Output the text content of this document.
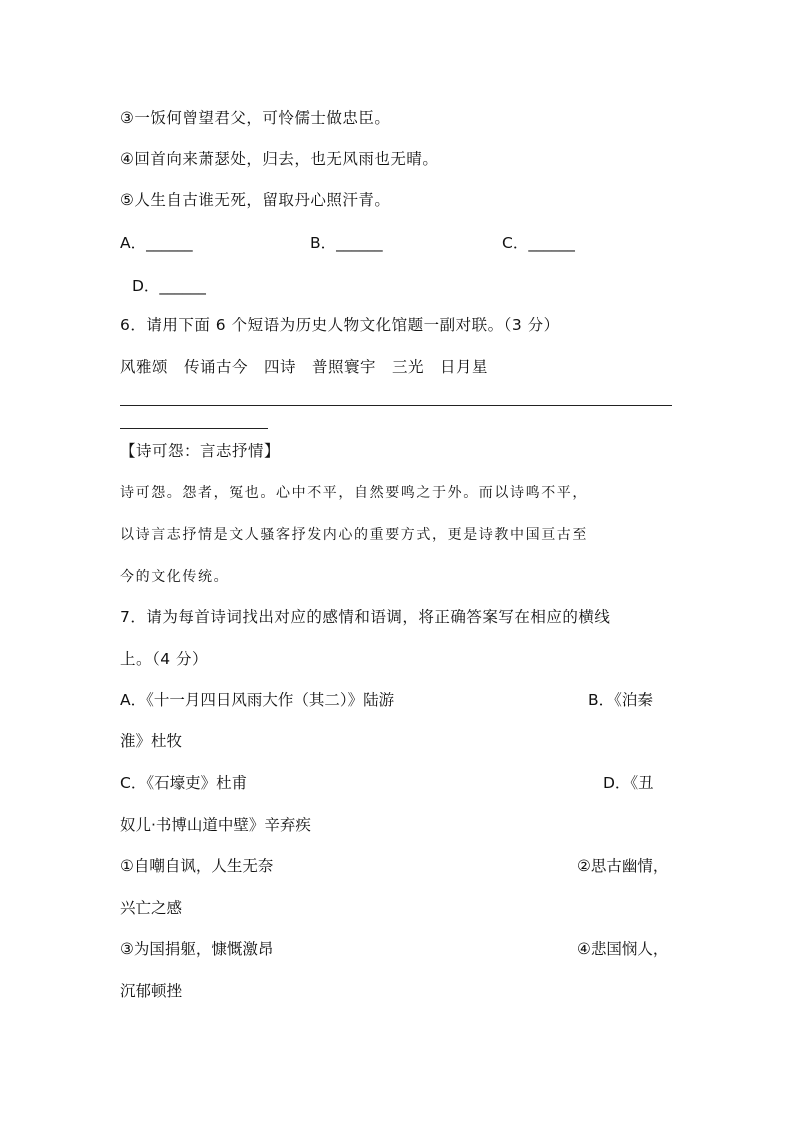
③一饭何曾望君父，可怜儒士做忠臣。
④回首向来萧瑟处，归去，也无风雨也无晴。
⑤人生自古谁无死，留取丹心照汗青。
A．______	B．______	C．______
D．______
6．请用下面 6 个短语为历史人物文化馆题一副对联。（3 分）
风雅颂　传诵古今　四诗　普照寰宇　三光　日月星
【诗可怨：言志抒情】
诗可怨。怨者，冤也。心中不平，自然要鸣之于外。而以诗鸣不平，
以诗言志抒情是文人骚客抒发内心的重要方式，更是诗教中国亘古至
今的文化传统。
7．请为每首诗词找出对应的感情和语调，将正确答案写在相应的横线
上。（4 分）
A．《十一月四日风雨大作（其二）》陆游	B．《泊秦
淮》杜牧
C．《石壕吏》杜甫	D．《丑
奴儿·书博山道中壁》辛弃疾
①自嘲自讽，人生无奈	②思古幽情，
兴亡之感
③为国捐躯，慷慨激昂	④悲国悯人，
沉郁顿挫
